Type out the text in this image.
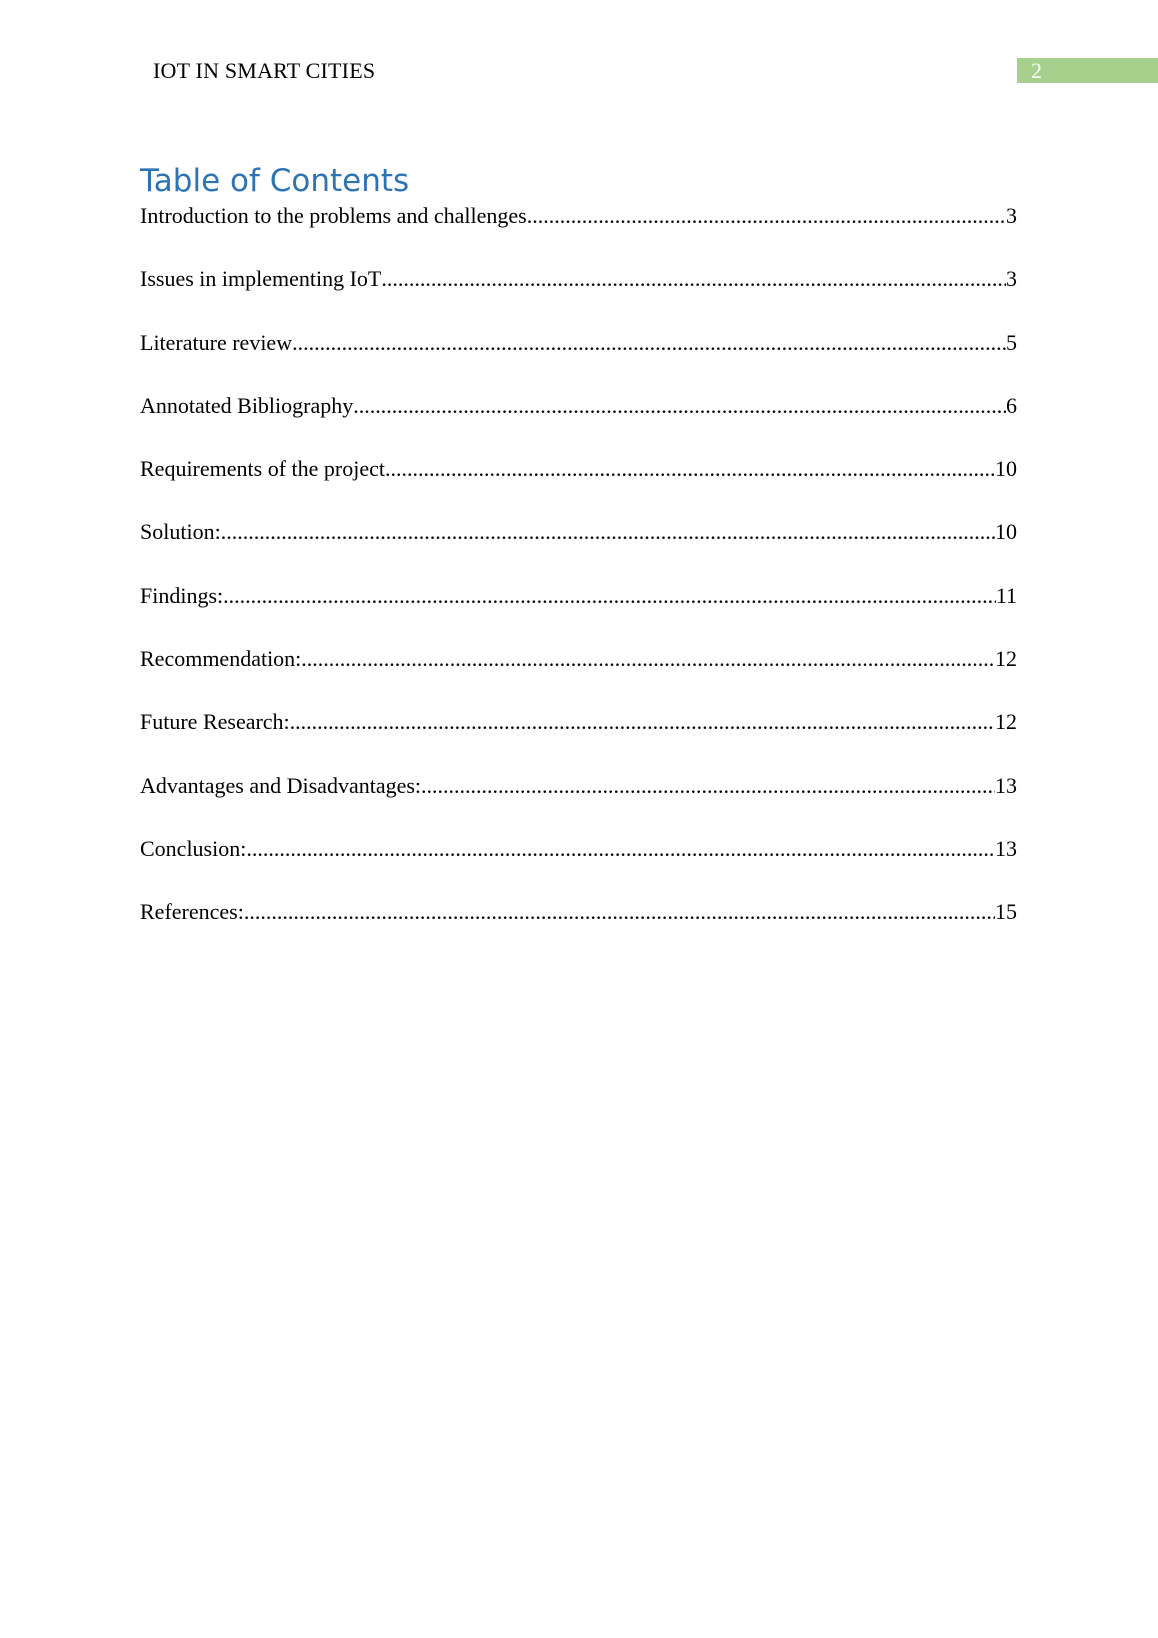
IOT IN SMART CITIES	2
Table of Contents
Introduction to the problems and challenges .....	3
Issues in implementing IoT .....	3
Literature review .....	5
Annotated Bibliography .....	6
Requirements of the project .....	10
Solution: .....	10
Findings: .....	11
Recommendation: .....	12
Future Research: .....	12
Advantages and Disadvantages: .....	13
Conclusion: .....	13
References: .....	15
